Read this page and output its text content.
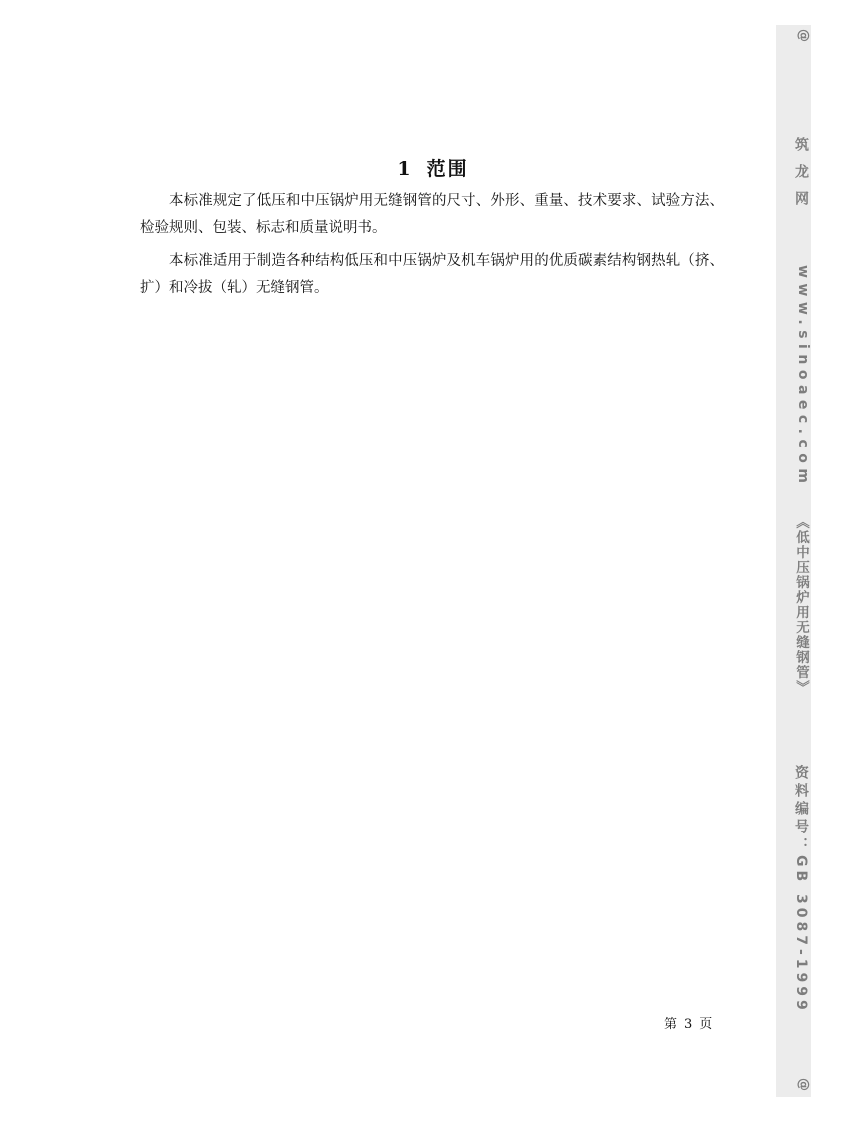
1 范围

本标准规定了低压和中压锅炉用无缝钢管的尺寸、外形、重量、技术要求、试验方法、检验规则、包装、标志和质量说明书。

本标准适用于制造各种结构低压和中压锅炉及机车锅炉用的优质碳素结构钢热轧（挤、扩）和冷拔（轧）无缝钢管。

第 3 页
@
筑龙网
www.sinoaec.com
《低中压锅炉用无缝钢管》
资料编号：GB 3087-1999
@
